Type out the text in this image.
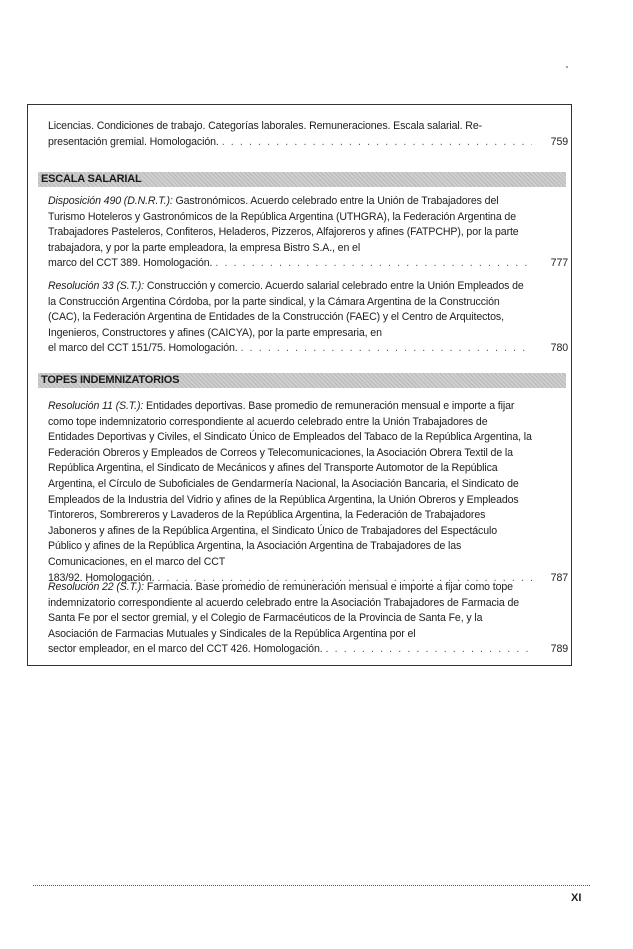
Licencias. Condiciones de trabajo. Categorías laborales. Remuneraciones. Escala salarial. Re-
presentación gremial. Homologación. . . .	759
ESCALA SALARIAL
Disposición 490 (D.N.R.T.): Gastronómicos. Acuerdo celebrado entre la Unión de Trabajadores del Turismo Hoteleros y Gastronómicos de la República Argentina (UTHGRA), la Federación Argentina de Trabajadores Pasteleros, Confiteros, Heladeros, Pizzeros, Alfajoreros y afines (FATPCHP), por la parte trabajadora, y por la parte empleadora, la empresa Bistro S.A., en el
marco del CCT 389. Homologación. . . .	777
Resolución 33 (S.T.): Construcción y comercio. Acuerdo salarial celebrado entre la Unión Empleados de la Construcción Argentina Córdoba, por la parte sindical, y la Cámara Argentina de la Construcción (CAC), la Federación Argentina de Entidades de la Construcción (FAEC) y el Centro de Arquitectos, Ingenieros, Constructores y afines (CAICYA), por la parte empresaria, en
el marco del CCT 151/75. Homologación. . . .	780
TOPES INDEMNIZATORIOS
Resolución 11 (S.T.): Entidades deportivas. Base promedio de remuneración mensual e importe a fijar como tope indemnizatorio correspondiente al acuerdo celebrado entre la Unión Trabajadores de Entidades Deportivas y Civiles, el Sindicato Único de Empleados del Tabaco de la República Argentina, la Federación Obreros y Empleados de Correos y Telecomunicaciones, la Asociación Obrera Textil de la República Argentina, el Sindicato de Mecánicos y afines del Transporte Automotor de la República Argentina, el Círculo de Suboficiales de Gendarmería Nacional, la Asociación Bancaria, el Sindicato de Empleados de la Industria del Vidrio y afines de la República Argentina, la Unión Obreros y Empleados Tintoreros, Sombrereros y Lavaderos de la República Argentina, la Federación de Trabajadores Jaboneros y afines de la República Argentina, el Sindicato Único de Trabajadores del Espectáculo Público y afines de la República Argentina, la Asociación Argentina de Trabajadores de las Comunicaciones, en el marco del CCT
183/92. Homologación. . . .	787
Resolución 22 (S.T.): Farmacia. Base promedio de remuneración mensual e importe a fijar como tope indemnizatorio correspondiente al acuerdo celebrado entre la Asociación Trabajadores de Farmacia de Santa Fe por el sector gremial, y el Colegio de Farmacéuticos de la Provincia de Santa Fe, y la Asociación de Farmacias Mutuales y Sindicales de la República Argentina por el
sector empleador, en el marco del CCT 426. Homologación. . . .	789
XI
